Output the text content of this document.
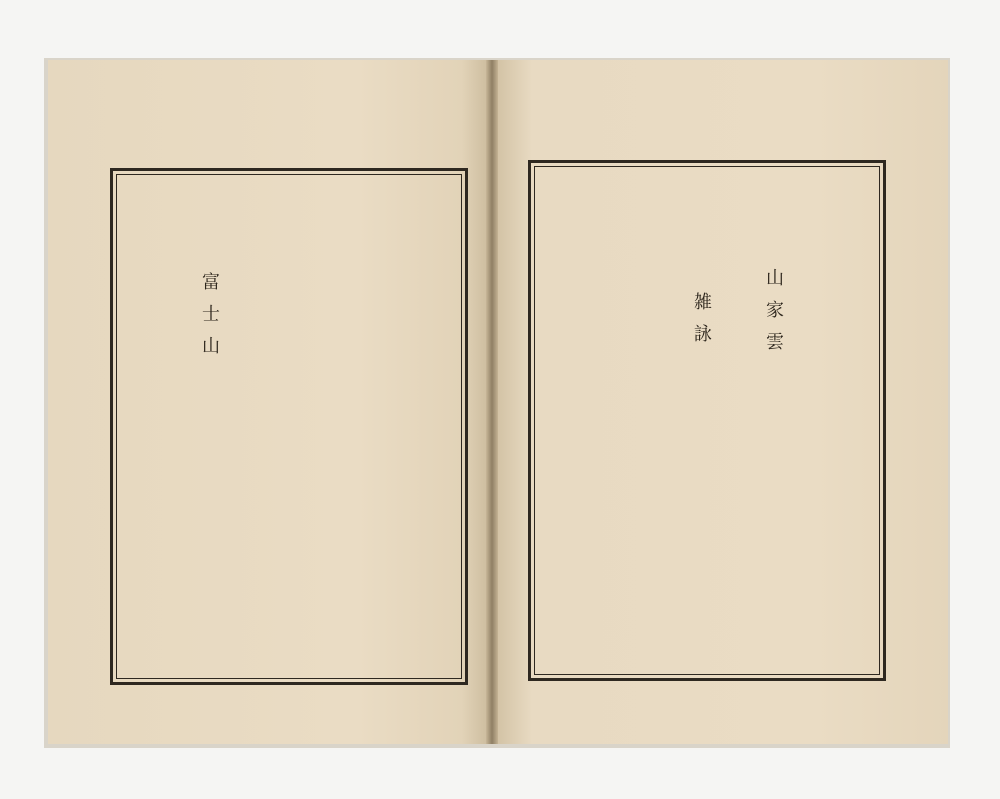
富士山	山家雲
雑詠
